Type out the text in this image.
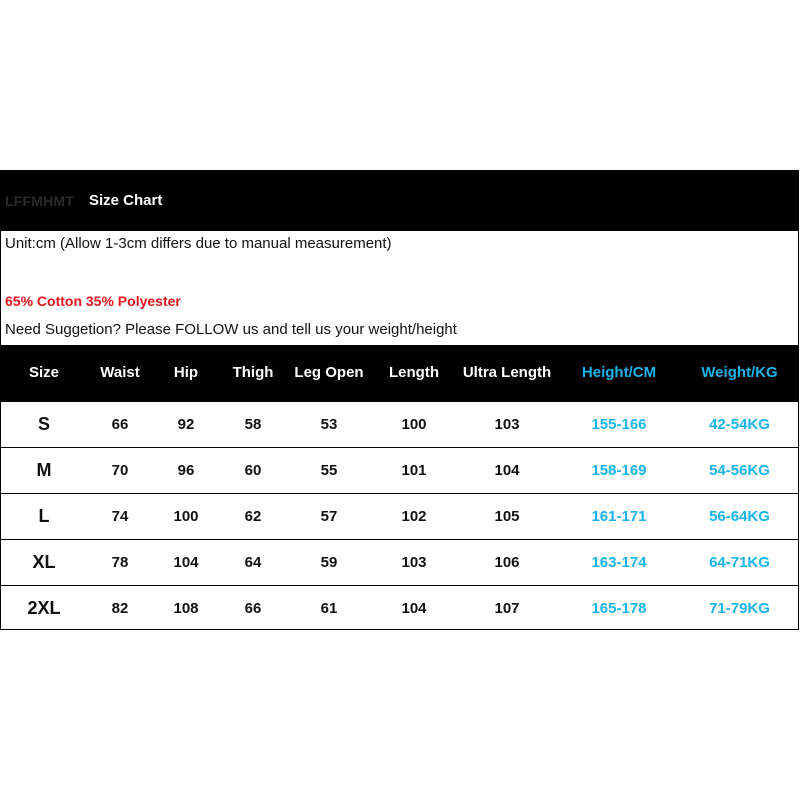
LFFMHMT Size Chart
Unit:cm (Allow 1-3cm differs due to manual measurement)
65% Cotton 35% Polyester
Need Suggetion? Please FOLLOW us and tell us your weight/height
Size	Waist	Hip	Thigh	Leg Open	Length	Ultra Length	Height/CM	Weight/KG
S	66	92	58	53	100	103	155-166	42-54KG
M	70	96	60	55	101	104	158-169	54-56KG
L	74	100	62	57	102	105	161-171	56-64KG
XL	78	104	64	59	103	106	163-174	64-71KG
2XL	82	108	66	61	104	107	165-178	71-79KG
